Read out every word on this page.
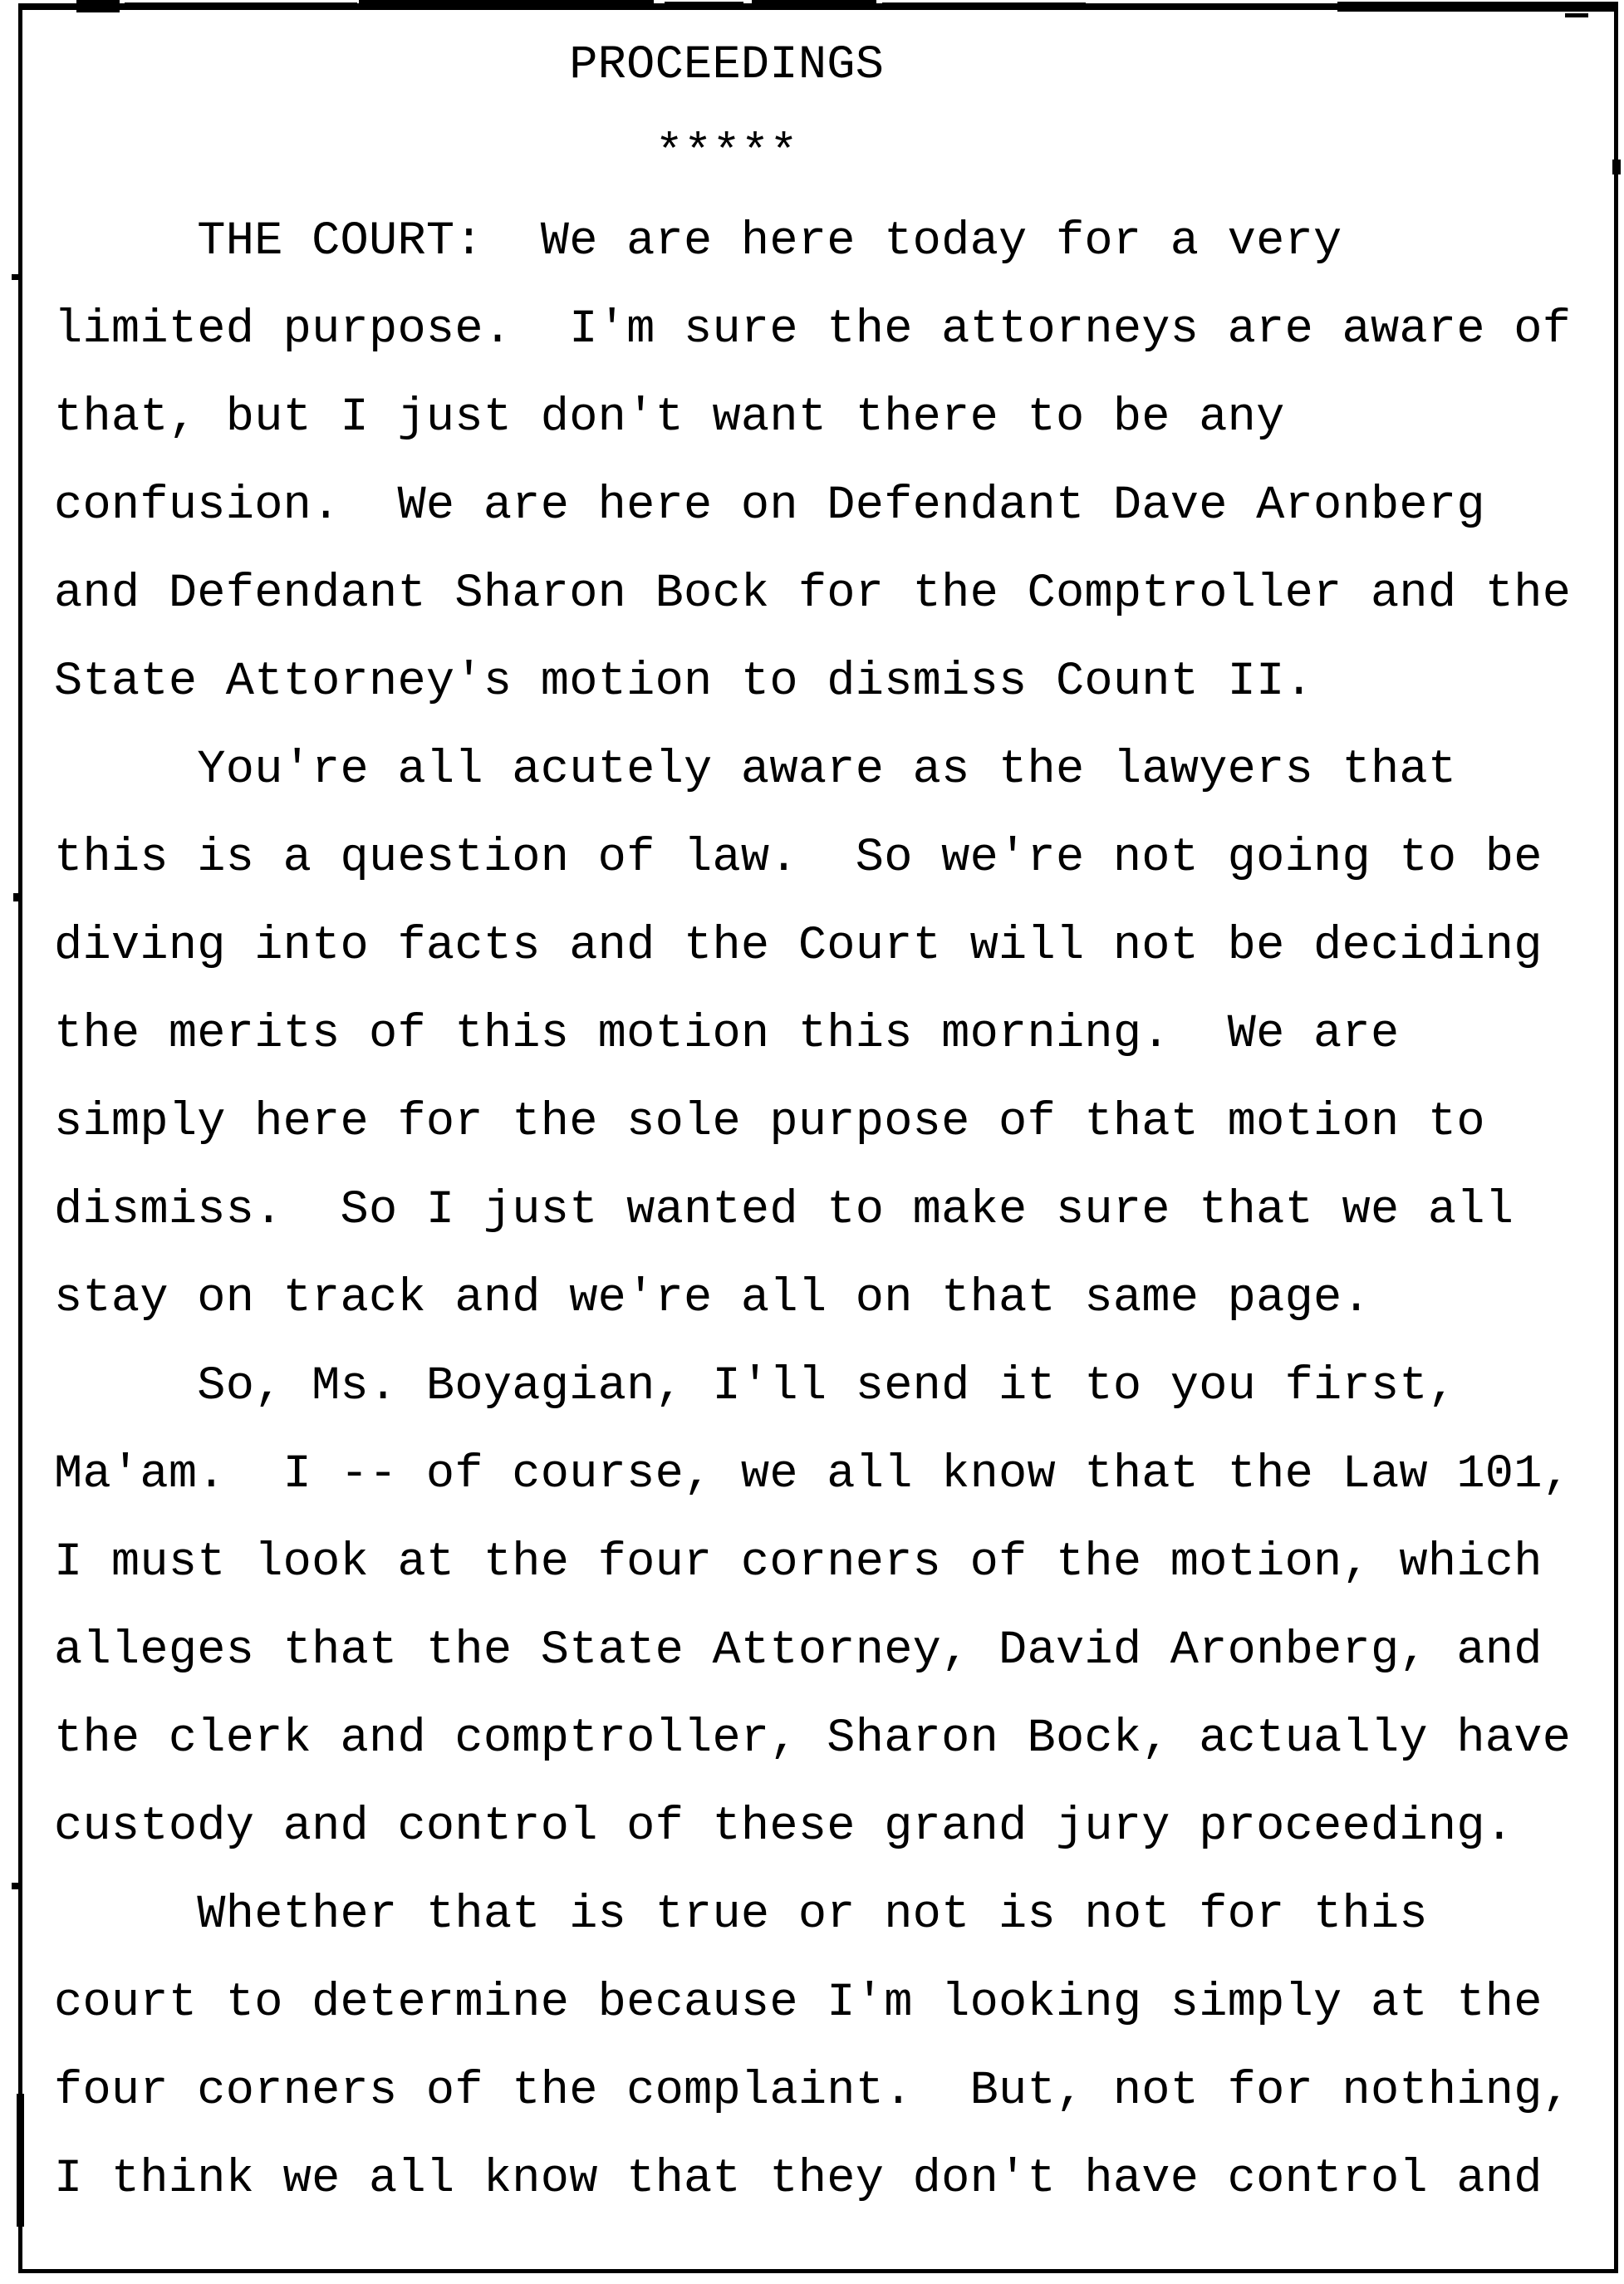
PROCEEDINGS
*****
THE COURT:  We are here today for a very
limited purpose.  I'm sure the attorneys are aware of
that, but I just don't want there to be any
confusion.  We are here on Defendant Dave Aronberg
and Defendant Sharon Bock for the Comptroller and the
State Attorney's motion to dismiss Count II.
You're all acutely aware as the lawyers that
this is a question of law.  So we're not going to be
diving into facts and the Court will not be deciding
the merits of this motion this morning.  We are
simply here for the sole purpose of that motion to
dismiss.  So I just wanted to make sure that we all
stay on track and we're all on that same page.
So, Ms. Boyagian, I'll send it to you first,
Ma'am.  I -- of course, we all know that the Law 101,
I must look at the four corners of the motion, which
alleges that the State Attorney, David Aronberg, and
the clerk and comptroller, Sharon Bock, actually have
custody and control of these grand jury proceeding.
Whether that is true or not is not for this
court to determine because I'm looking simply at the
four corners of the complaint.  But, not for nothing,
I think we all know that they don't have control and
